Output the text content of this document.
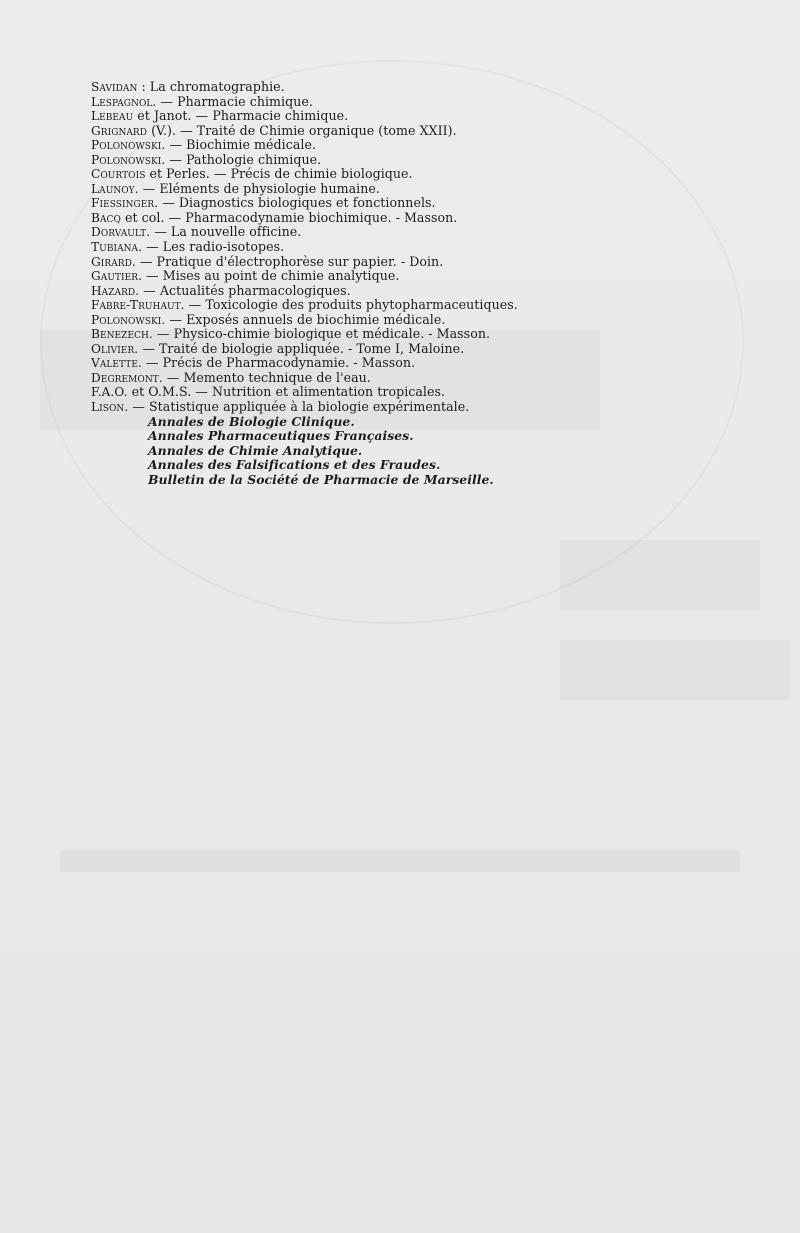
Savidan : La chromatographie.
Lespagnol. — Pharmacie chimique.
Lebeau et Janot. — Pharmacie chimique.
Grignard (V.). — Traité de Chimie organique (tome XXII).
Polonowski. — Biochimie médicale.
Polonowski. — Pathologie chimique.
Courtois et Perles. — Précis de chimie biologique.
Launoy. — Eléments de physiologie humaine.
Fiessinger. — Diagnostics biologiques et fonctionnels.
Bacq et col. — Pharmacodynamie biochimique. - Masson.
Dorvault. — La nouvelle officine.
Tubiana. — Les radio-isotopes.
Girard. — Pratique d'électrophorèse sur papier. - Doin.
Gautier. — Mises au point de chimie analytique.
Hazard. — Actualités pharmacologiques.
Fabre-Truhaut. — Toxicologie des produits phytopharmaceutiques.
Polonowski. — Exposés annuels de biochimie médicale.
Benezech. — Physico-chimie biologique et médicale. - Masson.
Olivier. — Traité de biologie appliquée. - Tome I, Maloine.
Valette. — Précis de Pharmacodynamie. - Masson.
Degremont. — Memento technique de l'eau.
F.A.O. et O.M.S. — Nutrition et alimentation tropicales.
Lison. — Statistique appliquée à la biologie expérimentale.
Annales de Biologie Clinique.
Annales Pharmaceutiques Françaises.
Annales de Chimie Analytique.
Annales des Falsifications et des Fraudes.
Bulletin de la Société de Pharmacie de Marseille.
